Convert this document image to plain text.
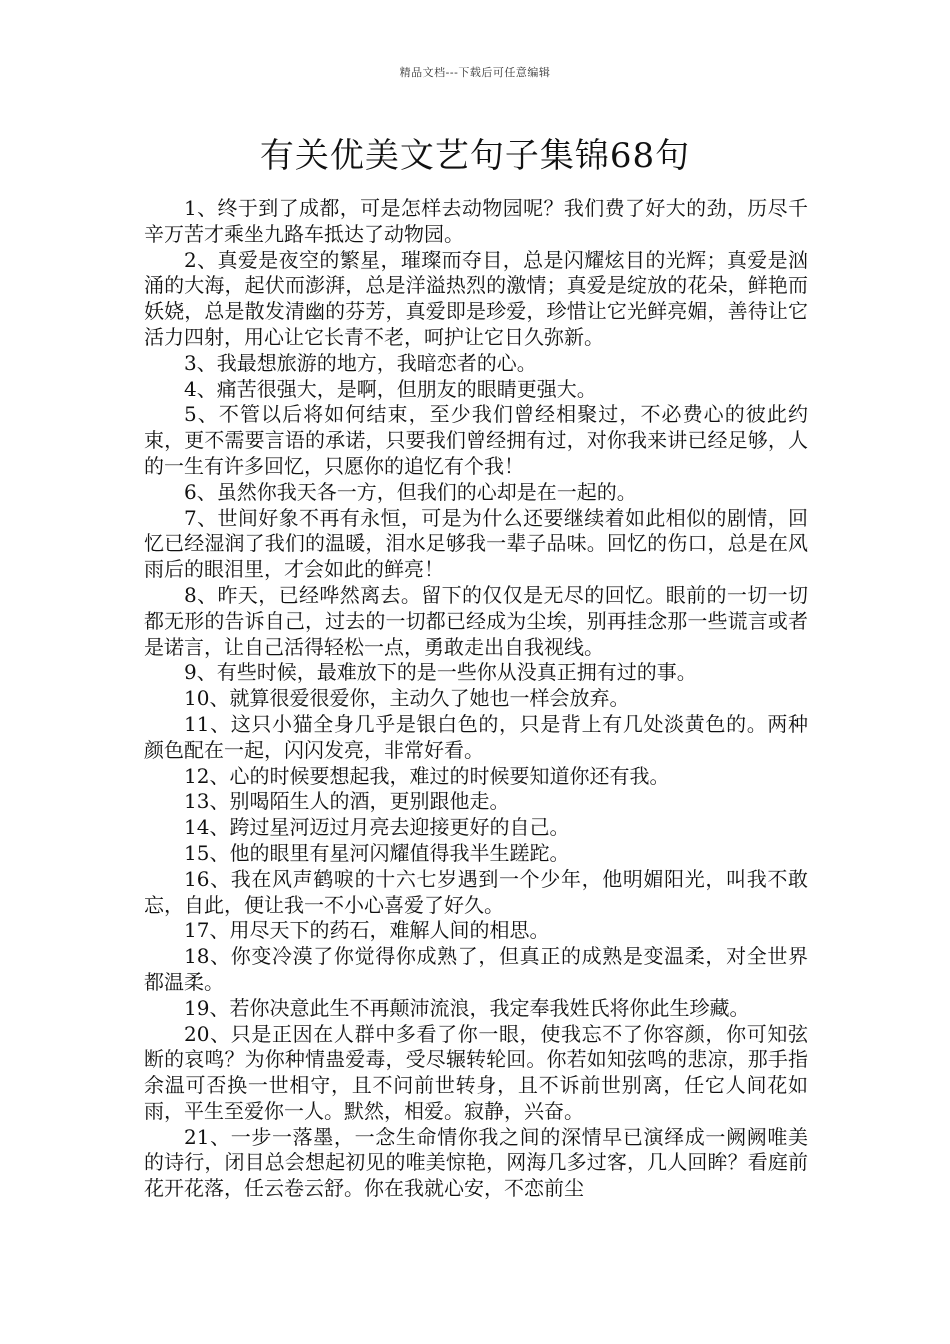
精品文档---下载后可任意编辑
有关优美文艺句子集锦68句

1、终于到了成都，可是怎样去动物园呢？我们费了好大的劲，历尽千辛万苦才乘坐九路车抵达了动物园。

2、真爱是夜空的繁星，璀璨而夺目，总是闪耀炫目的光辉；真爱是汹涌的大海，起伏而澎湃，总是洋溢热烈的激情；真爱是绽放的花朵，鲜艳而妖娆，总是散发清幽的芬芳，真爱即是珍爱，珍惜让它光鲜亮媚，善待让它活力四射，用心让它长青不老，呵护让它日久弥新。

3、我最想旅游的地方，我暗恋者的心。

4、痛苦很强大，是啊，但朋友的眼睛更强大。

5、不管以后将如何结束，至少我们曾经相聚过，不必费心的彼此约束，更不需要言语的承诺，只要我们曾经拥有过，对你我来讲已经足够，人的一生有许多回忆，只愿你的追忆有个我！

6、虽然你我天各一方，但我们的心却是在一起的。

7、世间好象不再有永恒，可是为什么还要继续着如此相似的剧情，回忆已经湿润了我们的温暖，泪水足够我一辈子品味。回忆的伤口，总是在风雨后的眼泪里，才会如此的鲜亮！

8、昨天，已经哗然离去。留下的仅仅是无尽的回忆。眼前的一切一切都无形的告诉自己，过去的一切都已经成为尘埃，别再挂念那一些谎言或者是诺言，让自己活得轻松一点，勇敢走出自我视线。

9、有些时候，最难放下的是一些你从没真正拥有过的事。

10、就算很爱很爱你，主动久了她也一样会放弃。

11、这只小猫全身几乎是银白色的，只是背上有几处淡黄色的。两种颜色配在一起，闪闪发亮，非常好看。

12、心的时候要想起我，难过的时候要知道你还有我。

13、别喝陌生人的酒，更别跟他走。

14、跨过星河迈过月亮去迎接更好的自己。

15、他的眼里有星河闪耀值得我半生蹉跎。

16、我在风声鹤唳的十六七岁遇到一个少年，他明媚阳光，叫我不敢忘，自此，便让我一不小心喜爱了好久。

17、用尽天下的药石，难解人间的相思。

18、你变冷漠了你觉得你成熟了，但真正的成熟是变温柔，对全世界都温柔。

19、若你决意此生不再颠沛流浪，我定奉我姓氏将你此生珍藏。

20、只是正因在人群中多看了你一眼，使我忘不了你容颜，你可知弦断的哀鸣？为你种情蛊爱毒，受尽辗转轮回。你若如知弦鸣的悲凉，那手指余温可否换一世相守，且不问前世转身，且不诉前世别离，任它人间花如雨，平生至爱你一人。默然，相爱。寂静，兴奋。

21、一步一落墨，一念生命情你我之间的深情早已演绎成一阙阙唯美的诗行，闭目总会想起初见的唯美惊艳，网海几多过客，几人回眸？看庭前花开花落，任云卷云舒。你在我就心安，不恋前尘
